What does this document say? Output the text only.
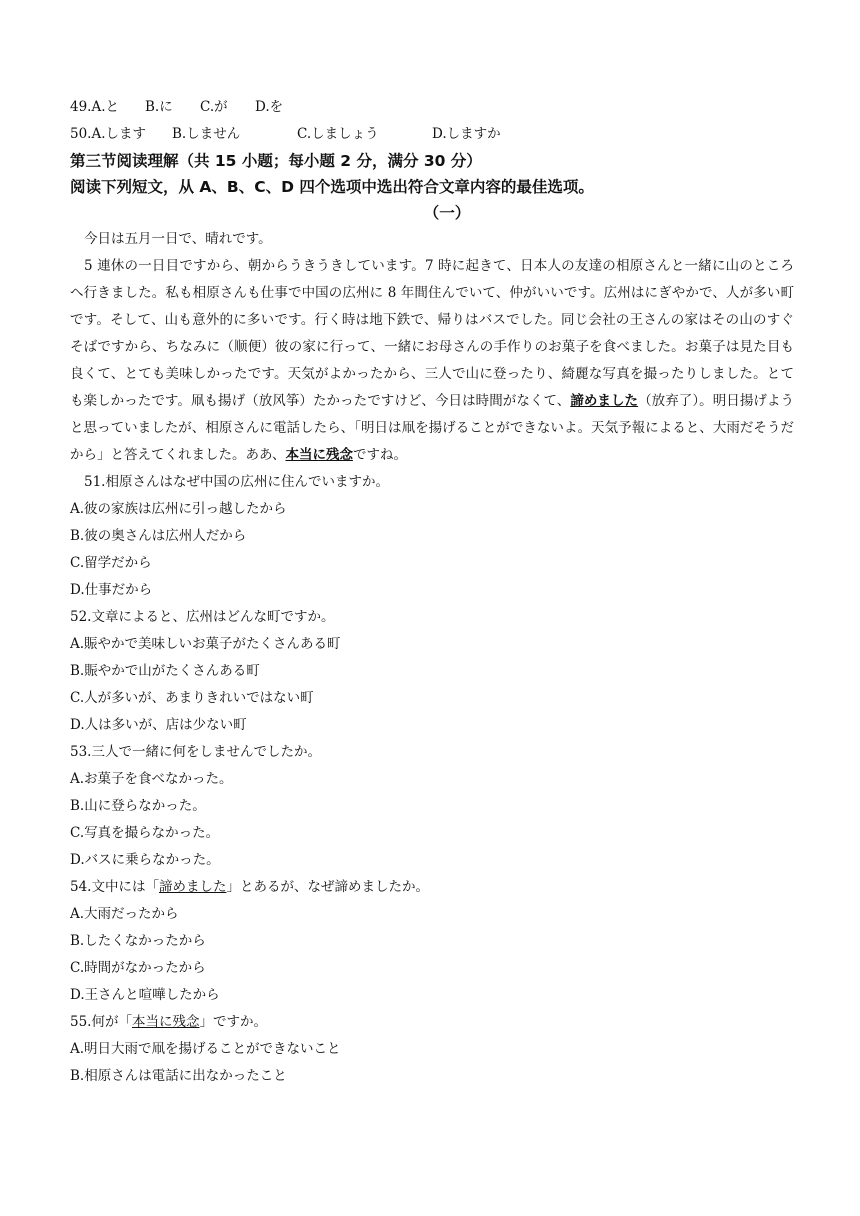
49.A.と B.に C.が D.を
50.A.します B.しません	C.しましょう	D.しますか
第三节阅读理解（共 15 小题；每小题 2 分，满分 30 分）
阅读下列短文，从 A、B、C、D 四个选项中选出符合文章内容的最佳选项。
（一）

今日は五月一日で、晴れです。

5 連休の一日目ですから、朝からうきうきしています。7 時に起きて、日本人の友達の相原さんと一緒に山のところへ行きました。私も相原さんも仕事で中国の広州に 8 年間住んでいて、仲がいいです。広州はにぎやかで、人が多い町です。そして、山も意外的に多いです。行く時は地下鉄で、帰りはバスでした。同じ会社の王さんの家はその山のすぐそばですから、ちなみに（顺便）彼の家に行って、一緒にお母さんの手作りのお菓子を食べました。お菓子は見た目も良くて、とても美味しかったです。天気がよかったから、三人で山に登ったり、綺麗な写真を撮ったりしました。とても楽しかったです。凧も揚げ（放风筝）たかったですけど、今日は時間がなくて、諦めました（放弃了）。明日揚げようと思っていましたが、相原さんに電話したら、「明日は凧を揚げることができないよ。天気予報によると、大雨だそうだから」と答えてくれました。ああ、本当に残念ですね。

51.相原さんはなぜ中国の広州に住んでいますか。
A.彼の家族は広州に引っ越したから
B.彼の奥さんは広州人だから
C.留学だから
D.仕事だから
52.文章によると、広州はどんな町ですか。
A.賑やかで美味しいお菓子がたくさんある町
B.賑やかで山がたくさんある町
C.人が多いが、あまりきれいではない町
D.人は多いが、店は少ない町
53.三人で一緒に何をしませんでしたか。
A.お菓子を食べなかった。
B.山に登らなかった。
C.写真を撮らなかった。
D.バスに乗らなかった。
54.文中には「諦めました」とあるが、なぜ諦めましたか。
A.大雨だったから
B.したくなかったから
C.時間がなかったから
D.王さんと喧嘩したから
55.何が「本当に残念」ですか。
A.明日大雨で凧を揚げることができないこと
B.相原さんは電話に出なかったこと
